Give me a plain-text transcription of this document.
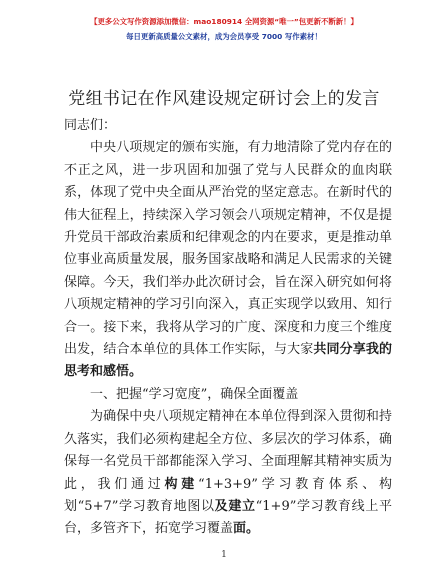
【更多公文写作资源添加微信：mao180914 全网资源“唯一”包更新不断新！】
每日更新高质量公文素材，成为会员享受 7000 写作素材！
党组书记在作风建设规定研讨会上的发言

同志们：

中央八项规定的颁布实施，有力地清除了党内存在的不正之风，进一步巩固和加强了党与人民群众的血肉联系，体现了党中央全面从严治党的坚定意志。在新时代的伟大征程上，持续深入学习领会八项规定精神，不仅是提升党员干部政治素质和纪律观念的内在要求，更是推动单位事业高质量发展，服务国家战略和满足人民需求的关键保障。今天，我们举办此次研讨会，旨在深入研究如何将八项规定精神的学习引向深入，真正实现学以致用、知行合一。接下来，我将从学习的广度、深度和力度三个维度出发，结合本单位的具体工作实际，与大家共同分享我的思考和感悟。

一、把握“学习宽度”，确保全面覆盖

为确保中央八项规定精神在本单位得到深入贯彻和持久落实，我们必须构建起全方位、多层次的学习体系，确保每一名党员干部都能深入学习、全面理解其精神实质为此，我们通过构建“1+3+9”学习教育体系、构划“5+7”学习教育地图以及建立“1+9”学习教育线上平台，多管齐下，拓宽学习覆盖面。

1
